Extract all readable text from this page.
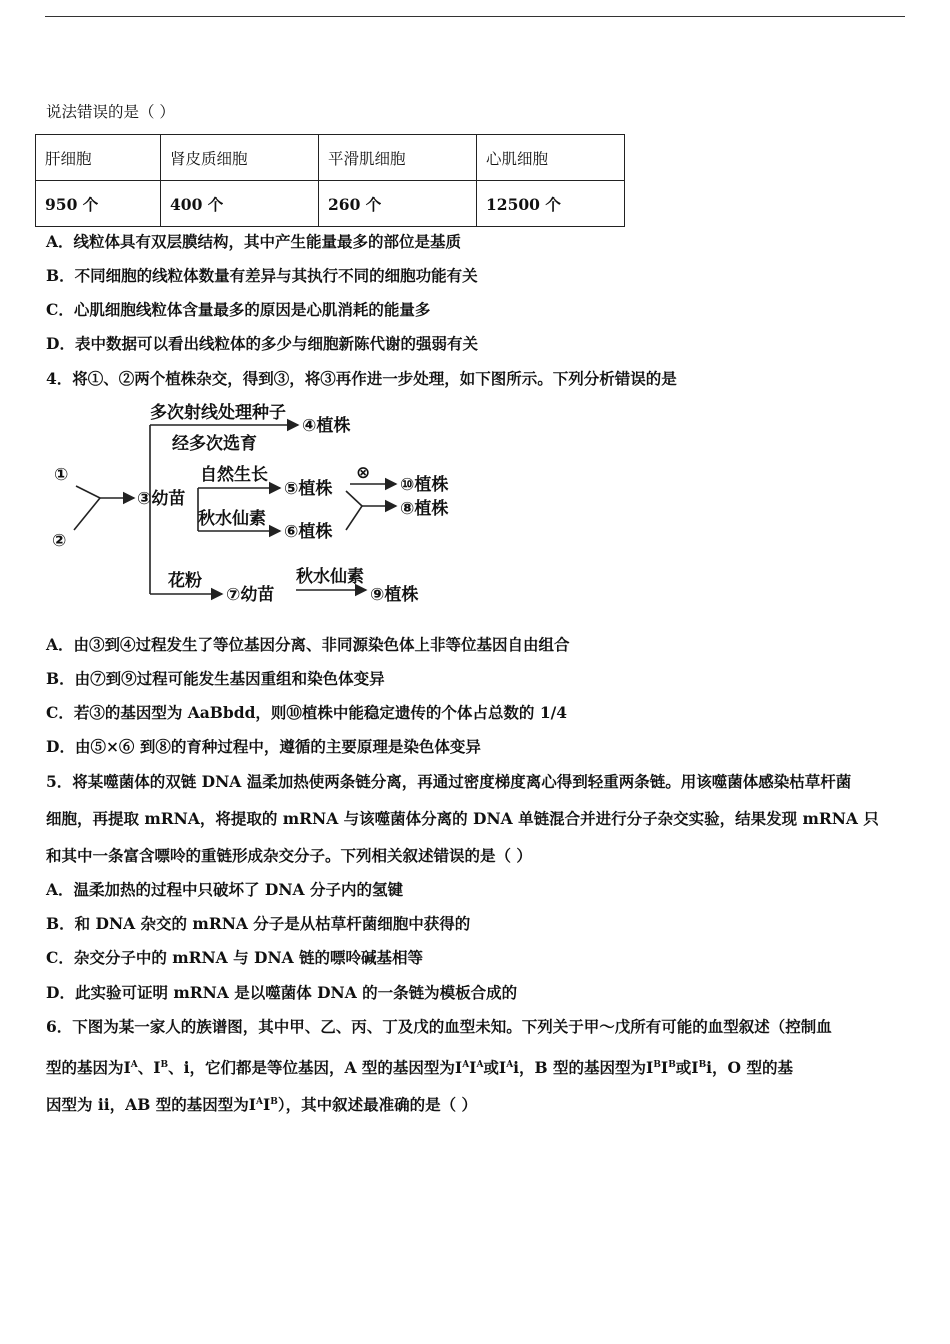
说法错误的是（ ）
肝细胞	肾皮质细胞	平滑肌细胞	心肌细胞
950 个	400 个	260 个	12500 个
A．线粒体具有双层膜结构，其中产生能量最多的部位是基质
B．不同细胞的线粒体数量有差异与其执行不同的细胞功能有关
C．心肌细胞线粒体含量最多的原因是心肌消耗的能量多
D．表中数据可以看出线粒体的多少与细胞新陈代谢的强弱有关
4．将①、②两个植株杂交，得到③，将③再作进一步处理，如下图所示。下列分析错误的是
①
②
③幼苗
多次射线处理种子
④植株
经多次选育
自然生长
⑤植株
⊗
⑩植株
⑧植株
秋水仙素
⑥植株
花粉
⑦幼苗
秋水仙素
⑨植株
A．由③到④过程发生了等位基因分离、非同源染色体上非等位基因自由组合
B．由⑦到⑨过程可能发生基因重组和染色体变异
C．若③的基因型为 AaBbdd，则⑩植株中能稳定遗传的个体占总数的 1/4
D．由⑤×⑥ 到⑧的育种过程中，遵循的主要原理是染色体变异
5．将某噬菌体的双链 DNA 温柔加热使两条链分离，再通过密度梯度离心得到轻重两条链。用该噬菌体感染枯草杆菌
细胞，再提取 mRNA，将提取的 mRNA 与该噬菌体分离的 DNA 单链混合并进行分子杂交实验，结果发现 mRNA 只
和其中一条富含嘌呤的重链形成杂交分子。下列相关叙述错误的是（ ）
A．温柔加热的过程中只破坏了 DNA 分子内的氢键
B．和 DNA 杂交的 mRNA 分子是从枯草杆菌细胞中获得的
C．杂交分子中的 mRNA 与 DNA 链的嘌呤碱基相等
D．此实验可证明 mRNA 是以噬菌体 DNA 的一条链为模板合成的
6．下图为某一家人的族谱图，其中甲、乙、丙、丁及戊的血型未知。下列关于甲～戊所有可能的血型叙述（控制血
型的基因为Ⅰ$^A$、Ⅰ$^B$、i，它们都是等位基因，A 型的基因型为Ⅰ$^A$Ⅰ$^A$或Ⅰ$^A$i，B 型的基因型为Ⅰ$^B$Ⅰ$^B$或Ⅰ$^B$i，O 型的基
因型为 ii，AB 型的基因型为Ⅰ$^A$Ⅰ$^B$），其中叙述最准确的是（ ）
